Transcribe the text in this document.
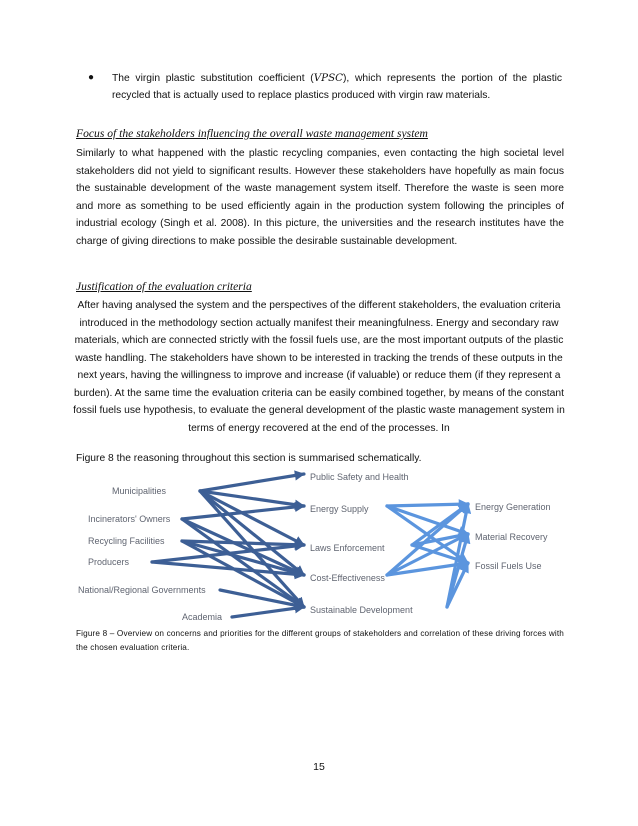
● The virgin plastic substitution coefficient (VPSC), which represents the portion of the plastic recycled that is actually used to replace plastics produced with virgin raw materials.
Focus of the stakeholders influencing the overall waste management system
Similarly to what happened with the plastic recycling companies, even contacting the high societal level stakeholders did not yield to significant results. However these stakeholders have hopefully as main focus the sustainable development of the waste management system itself. Therefore the waste is seen more and more as something to be used efficiently again in the production system following the principles of industrial ecology (Singh et al. 2008). In this picture, the universities and the research institutes have the charge of giving directions to make possible the desirable sustainable development.
Justification of the evaluation criteria
After having analysed the system and the perspectives of the different stakeholders, the evaluation criteria introduced in the methodology section actually manifest their meaningfulness. Energy and secondary raw materials, which are connected strictly with the fossil fuels use, are the most important outputs of the plastic waste handling. The stakeholders have shown to be interested in tracking the trends of these outputs in the next years, having the willingness to improve and increase (if valuable) or reduce them (if they represent a burden). At the same time the evaluation criteria can be easily combined together, by means of the constant fossil fuels use hypothesis, to evaluate the general development of the plastic waste management system in terms of energy recovered at the end of the processes. In
Figure 8 the reasoning throughout this section is summarised schematically.
Municipalities
Incinerators' Owners
Recycling Facilities
Producers
National/Regional Governments
Academia
Public Safety and Health
Energy Supply
Laws Enforcement
Cost-Effectiveness
Sustainable Development
Energy Generation
Material Recovery
Fossil Fuels Use
Figure 8 – Overview on concerns and priorities for the different groups of stakeholders and correlation of these driving forces with the chosen evaluation criteria.
15
